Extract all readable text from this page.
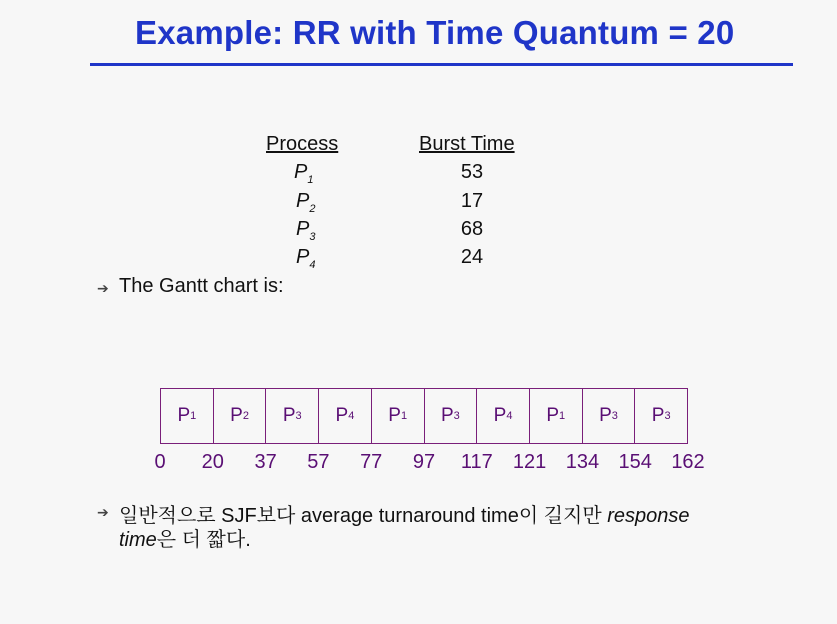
Example: RR with Time Quantum = 20
Process	Burst Time
$P_1$
$P_2$
$P_3$
$P_4$
53
17
68
24
➔ The Gantt chart is:
P 1 P 2 P 3 P 4 P 1 P 3 P 4 P 1 P 3 P 3
0 20 37 57 77 97 117 121 134 154 162
➔ 일반적으로 SJF보다 average turnaround time이 길지만 response
time은 더 짧다.
